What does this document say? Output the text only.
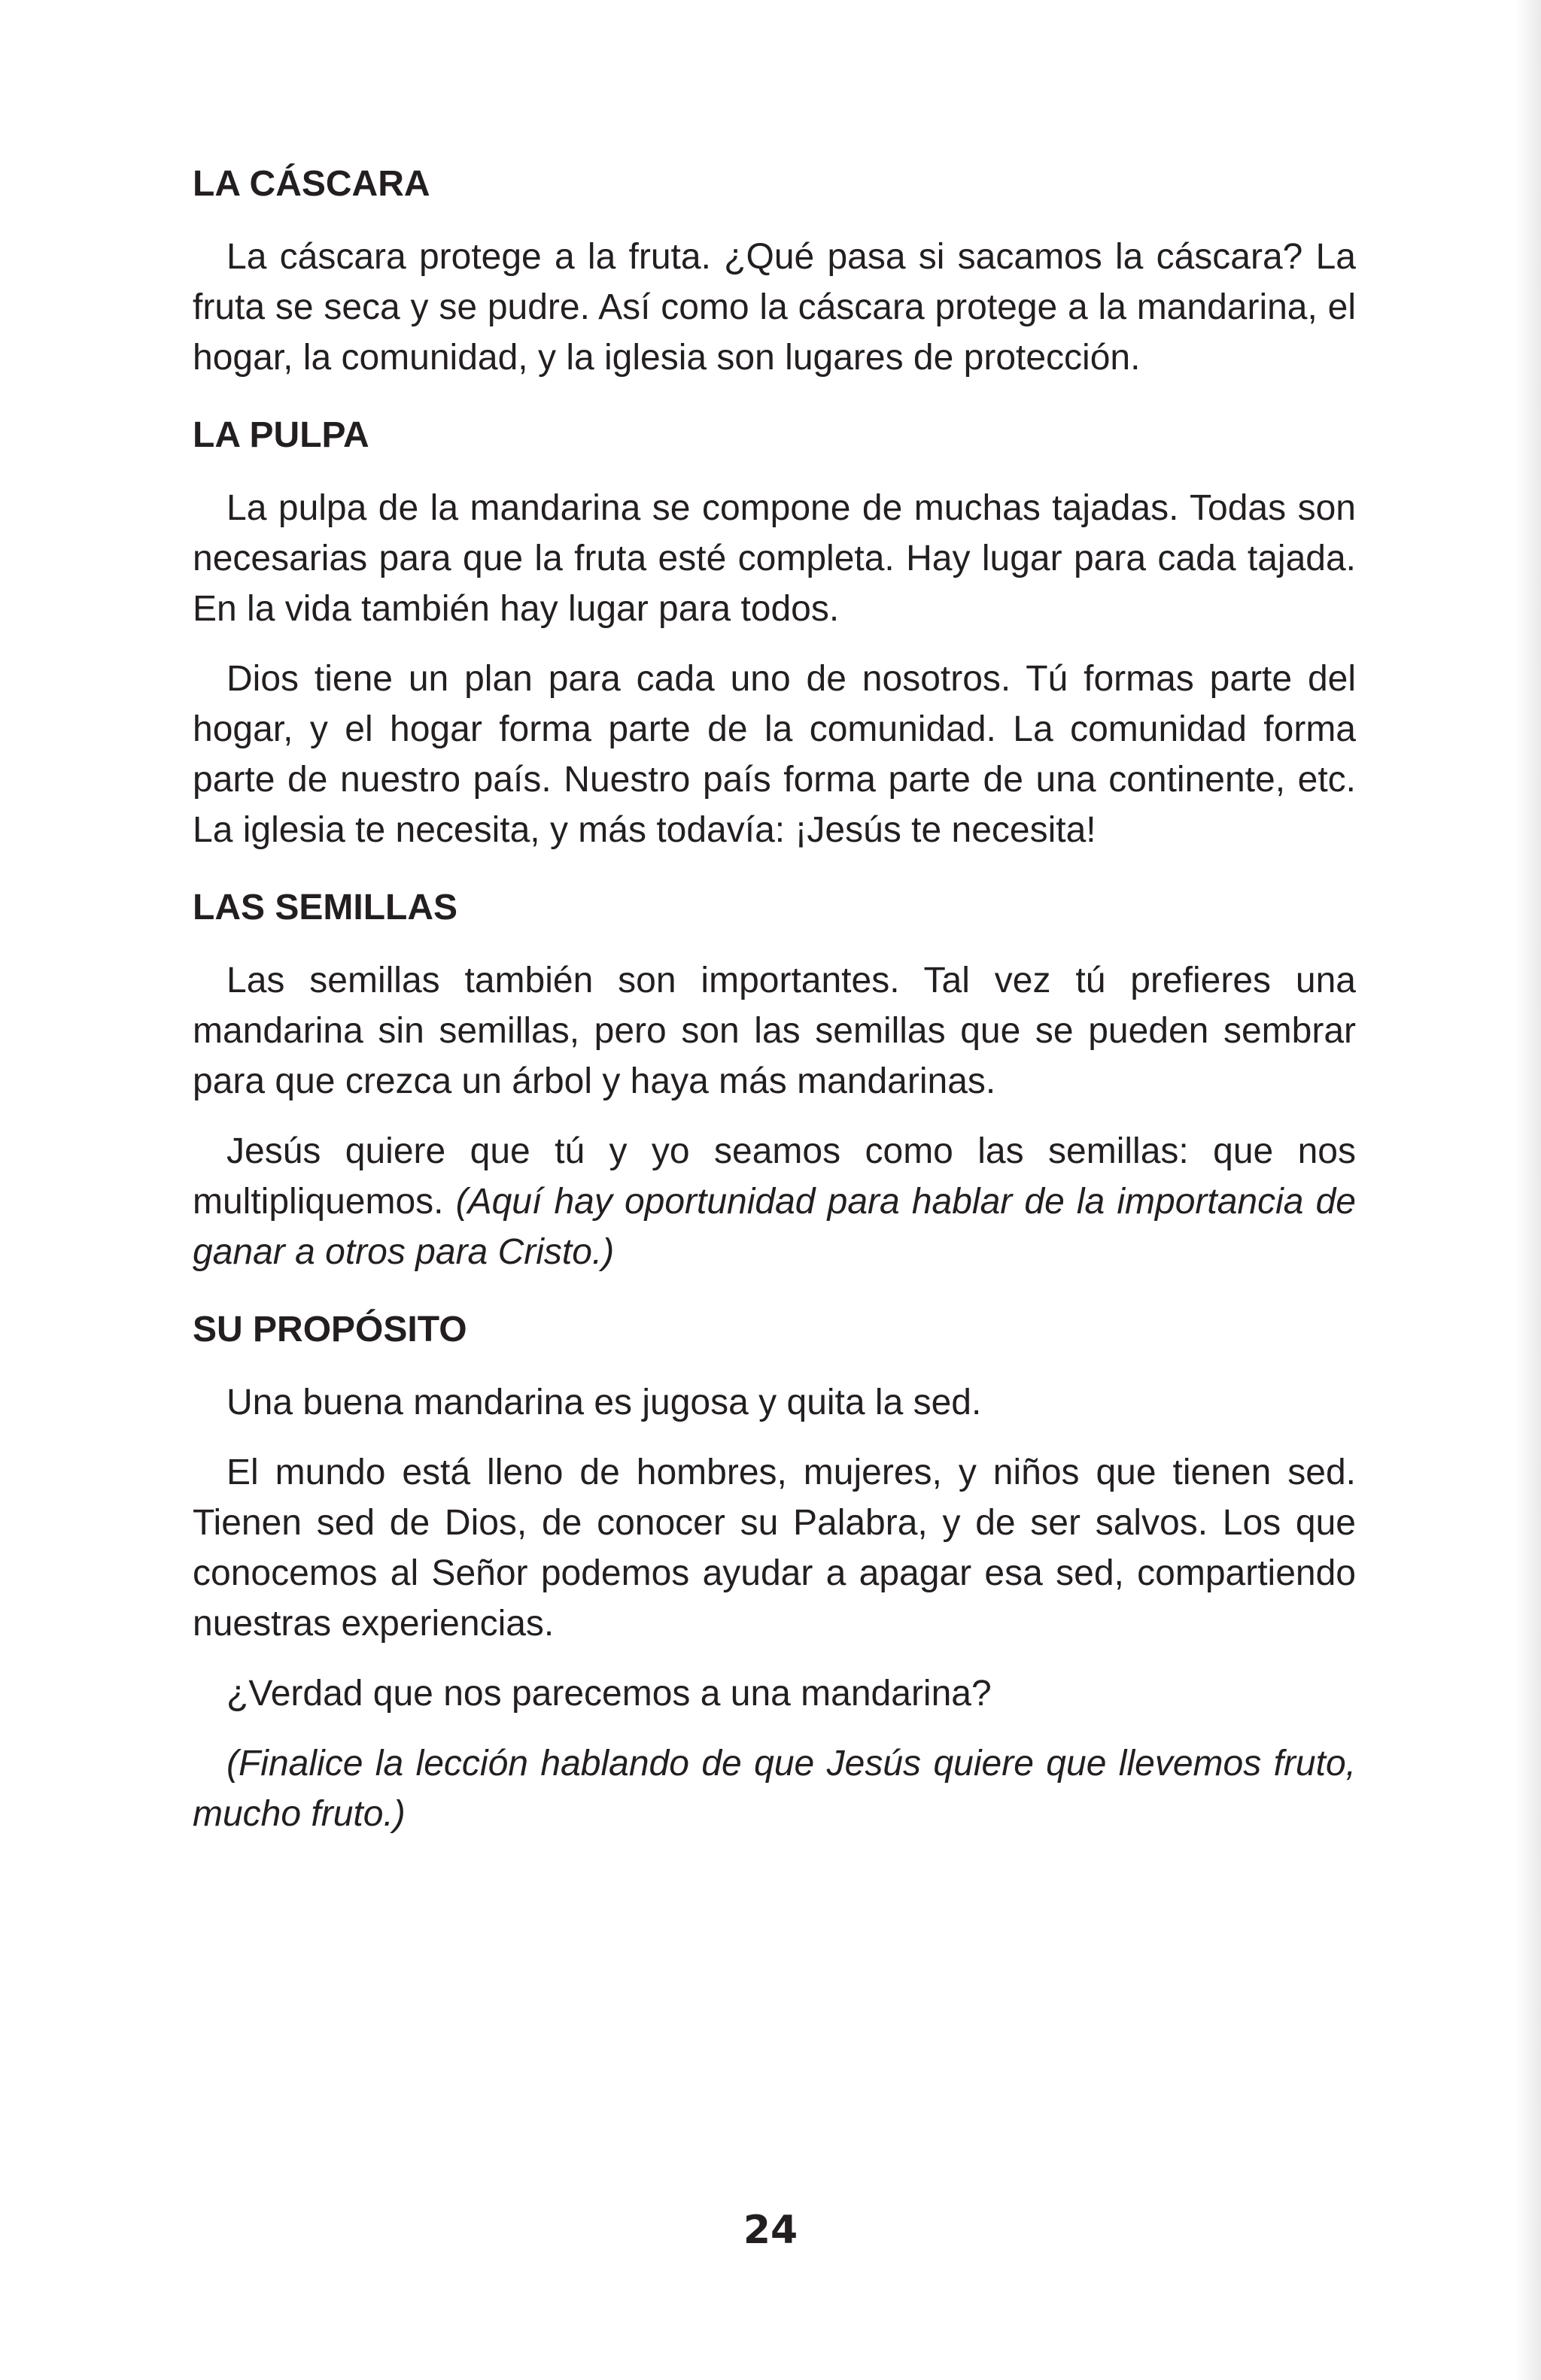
LA CÁSCARA

La cáscara protege a la fruta. ¿Qué pasa si sacamos la cáscara? La fruta se seca y se pudre. Así como la cáscara protege a la mandarina, el hogar, la comunidad, y la iglesia son lugares de protección.

LA PULPA

La pulpa de la mandarina se compone de muchas tajadas. Todas son necesarias para que la fruta esté completa. Hay lugar para cada tajada. En la vida también hay lugar para todos.

Dios tiene un plan para cada uno de nosotros. Tú formas parte del hogar, y el hogar forma parte de la comunidad. La comunidad forma parte de nuestro país. Nuestro país forma parte de una continente, etc. La iglesia te necesita, y más todavía: ¡Jesús te necesita!

LAS SEMILLAS

Las semillas también son importantes. Tal vez tú prefieres una mandarina sin semillas, pero son las semillas que se pueden sembrar para que crezca un árbol y haya más mandarinas.

Jesús quiere que tú y yo seamos como las semillas: que nos multipliquemos. (Aquí hay oportunidad para hablar de la importancia de ganar a otros para Cristo.)

SU PROPÓSITO

Una buena mandarina es jugosa y quita la sed.

El mundo está lleno de hombres, mujeres, y niños que tienen sed. Tienen sed de Dios, de conocer su Palabra, y de ser salvos. Los que conocemos al Señor podemos ayudar a apagar esa sed, compartiendo nuestras experiencias.

¿Verdad que nos parecemos a una mandarina?

(Finalice la lección hablando de que Jesús quiere que llevemos fruto, mucho fruto.)

24
